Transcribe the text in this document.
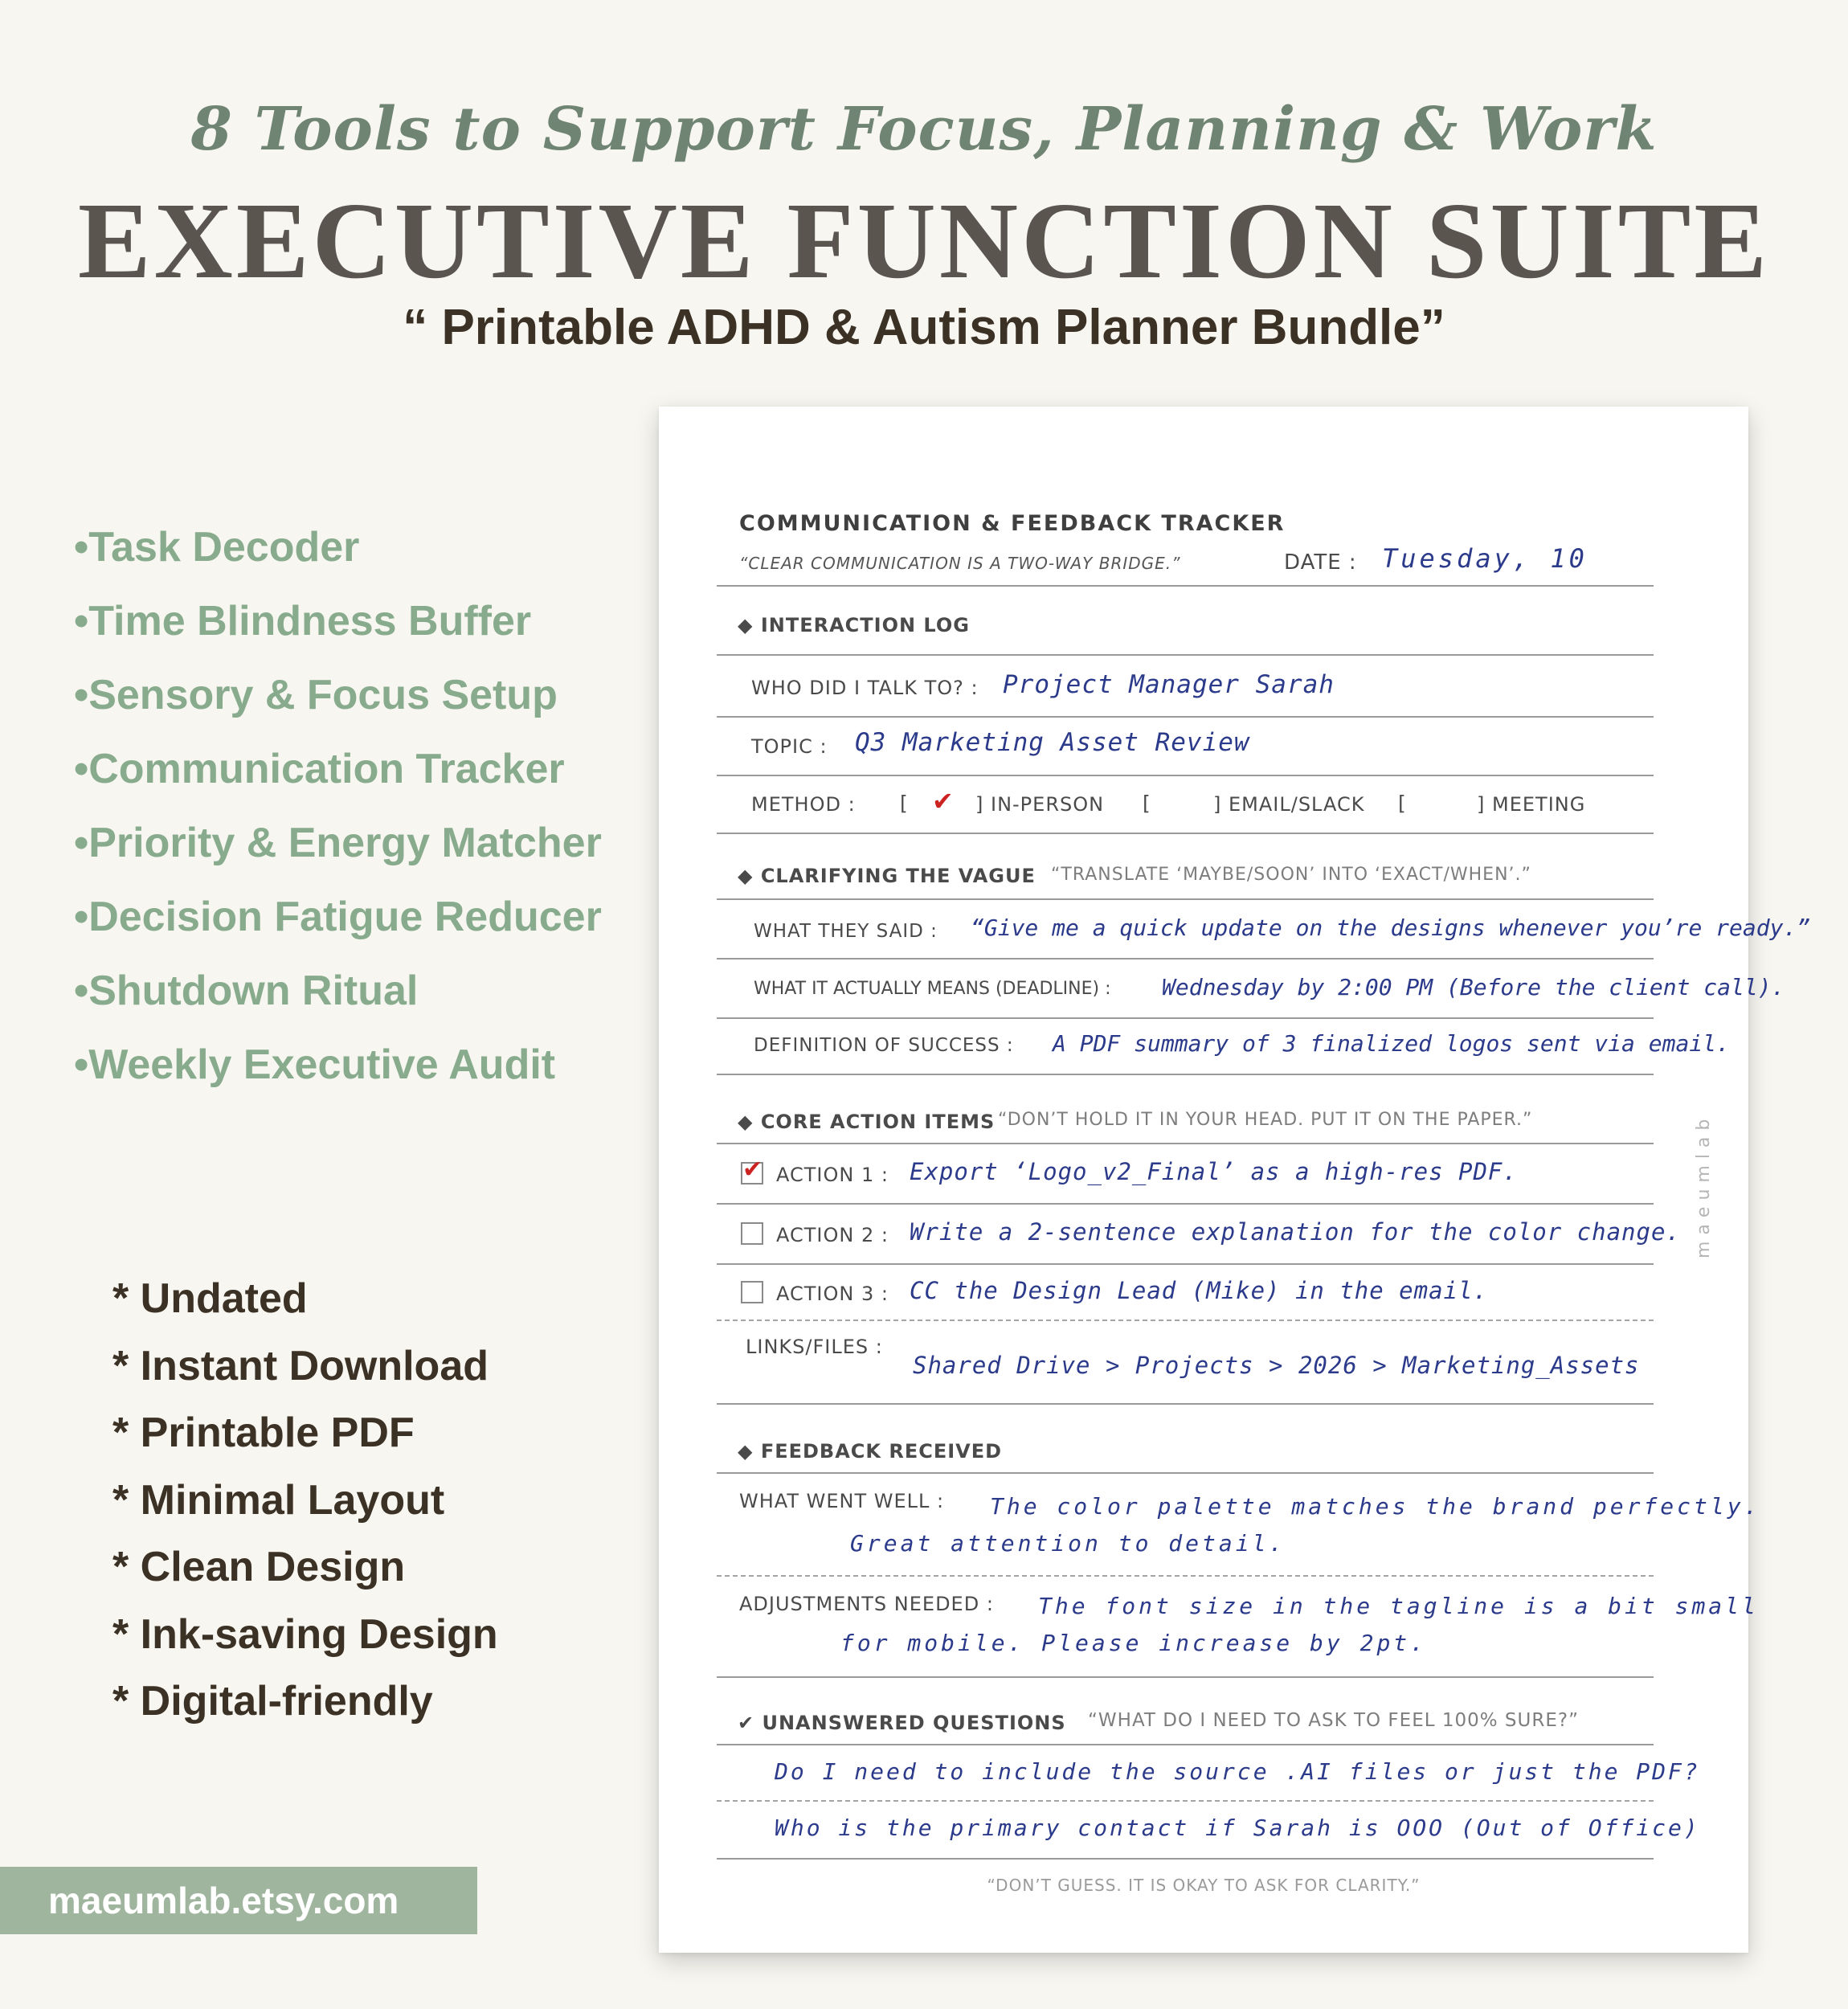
8 Tools to Support Focus, Planning & Work
EXECUTIVE FUNCTION SUITE
“ Printable ADHD & Autism Planner Bundle”
•Task Decoder
•Time Blindness Buffer
•Sensory & Focus Setup
•Communication Tracker
•Priority & Energy Matcher
•Decision Fatigue Reducer
•Shutdown Ritual
•Weekly Executive Audit
* Undated
* Instant Download
* Printable PDF
* Minimal Layout
* Clean Design
* Ink-saving Design
* Digital-friendly
maeumlab.etsy.com
COMMUNICATION & FEEDBACK TRACKER
“CLEAR COMMUNICATION IS A TWO-WAY BRIDGE.”	DATE : Tuesday, 10
◆ INTERACTION LOG
WHO DID I TALK TO? : Project Manager Sarah
TOPIC : Q3 Marketing Asset Review
METHOD : [ ✔ ] IN-PERSON [	] EMAIL/SLACK [	] MEETING
◆ CLARIFYING THE VAGUE “TRANSLATE ‘MAYBE/SOON’ INTO ‘EXACT/WHEN’.”
WHAT THEY SAID : “Give me a quick update on the designs whenever you’re ready.”
WHAT IT ACTUALLY MEANS (DEADLINE) : Wednesday by 2:00 PM (Before the client call).
DEFINITION OF SUCCESS : A PDF summary of 3 finalized logos sent via email.
◆ CORE ACTION ITEMS “DON’T HOLD IT IN YOUR HEAD. PUT IT ON THE PAPER.”
✔ ACTION 1 : Export ‘Logo_v2_Final’ as a high-res PDF.
ACTION 2 : Write a 2-sentence explanation for the color change.
ACTION 3 : CC the Design Lead (Mike) in the email.
LINKS/FILES :
Shared Drive > Projects > 2026 > Marketing_Assets
◆ FEEDBACK RECEIVED
WHAT WENT WELL : The color palette matches the brand perfectly.
Great attention to detail.
ADJUSTMENTS NEEDED : The font size in the tagline is a bit small
for mobile. Please increase by 2pt.
✔ UNANSWERED QUESTIONS “WHAT DO I NEED TO ASK TO FEEL 100% SURE?”
Do I need to include the source .AI files or just the PDF?
Who is the primary contact if Sarah is OOO (Out of Office)
“DON’T GUESS. IT IS OKAY TO ASK FOR CLARITY.”
maeumlab
